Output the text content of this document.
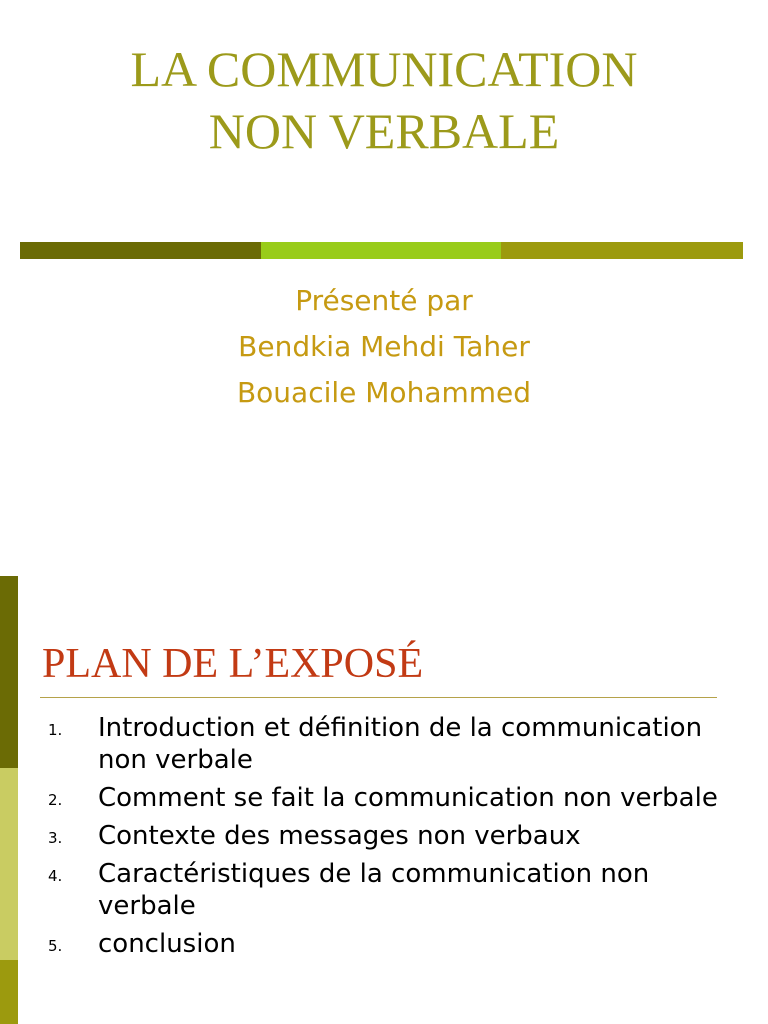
LA COMMUNICATION
NON VERBALE
Présenté par
Bendkia Mehdi Taher
Bouacile Mohammed
PLAN DE L’EXPOSÉ
1. Introduction et définition de la communication non verbale
2. Comment se fait la communication non verbale
3. Contexte des messages non verbaux
4. Caractéristiques de la communication non verbale
5. conclusion
